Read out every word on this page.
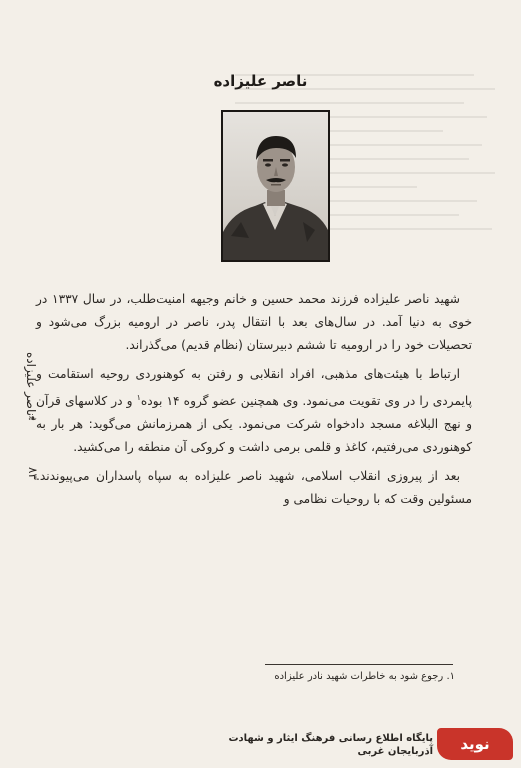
ناصر علیزاده

شهید ناصر علیزاده فرزند محمد حسین و خانم وجیهه امنیت‌طلب، در سال ۱۳۳۷ در خوی به دنیا آمد. در سال‌های بعد با انتقال پدر، ناصر در ارومیه بزرگ می‌شود و تحصیلات خود را در ارومیه تا ششم دبیرستان (نظام قدیم) می‌گذراند.

ارتباط با هیئت‌های مذهبی، افراد انقلابی و رفتن به کوهنوردی روحیه استقامت و پایمردی را در وی تقویت می‌نمود. وی همچنین عضو گروه ۱۴ بوده$^۱$ و در کلاسهای قرآن و نهج البلاغه مسجد دادخواه شرکت می‌نمود. یکی از همرزمانش می‌گوید: هر بار به کوهنوردی می‌رفتیم، کاغذ و قلمی برمی داشت و کروکی آن منطقه را می‌کشید.

بعد از پیروزی انقلاب اسلامی، شهید ناصر علیزاده به سپاه پاسداران می‌پیوندند. مسئولین وقت که با روحیات نظامی و

۱. رجوع شود به خاطرات شهید نادر علیزاده
ناصر علیزاده
❧
۸۳
پایگاه اطلاع رسانی فرهنگ ایثار و شهادت آذربایجان غربی	نوید
